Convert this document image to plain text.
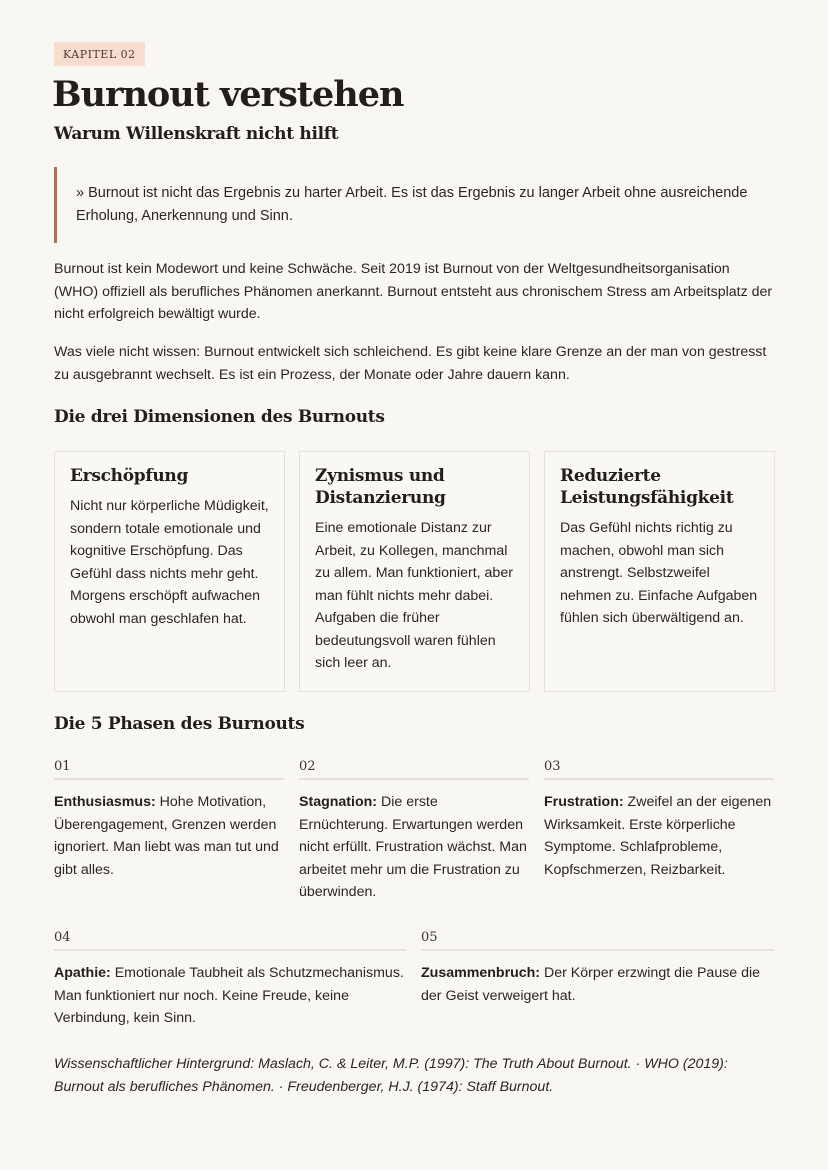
KAPITEL 02
Burnout verstehen
Warum Willenskraft nicht hilft
» Burnout ist nicht das Ergebnis zu harter Arbeit. Es ist das Ergebnis zu langer Arbeit ohne ausreichende Erholung, Anerkennung und Sinn.

Burnout ist kein Modewort und keine Schwäche. Seit 2019 ist Burnout von der Weltgesundheitsorganisation (WHO) offiziell als berufliches Phänomen anerkannt. Burnout entsteht aus chronischem Stress am Arbeitsplatz der nicht erfolgreich bewältigt wurde.

Was viele nicht wissen: Burnout entwickelt sich schleichend. Es gibt keine klare Grenze an der man von gestresst zu ausgebrannt wechselt. Es ist ein Prozess, der Monate oder Jahre dauern kann.

Die drei Dimensionen des Burnouts
Erschöpfung
Nicht nur körperliche Müdigkeit, sondern totale emotionale und kognitive Erschöpfung. Das Gefühl dass nichts mehr geht. Morgens erschöpft aufwachen obwohl man geschlafen hat.
Zynismus und Distanzierung
Eine emotionale Distanz zur Arbeit, zu Kollegen, manchmal zu allem. Man funktioniert, aber man fühlt nichts mehr dabei. Aufgaben die früher bedeutungsvoll waren fühlen sich leer an.
Reduzierte Leistungsfähigkeit
Das Gefühl nichts richtig zu machen, obwohl man sich anstrengt. Selbstzweifel nehmen zu. Einfache Aufgaben fühlen sich überwältigend an.
Die 5 Phasen des Burnouts
01
Enthusiasmus: Hohe Motivation, Überengagement, Grenzen werden ignoriert. Man liebt was man tut und gibt alles.
02
Stagnation: Die erste Ernüchterung. Erwartungen werden nicht erfüllt. Frustration wächst. Man arbeitet mehr um die Frustration zu überwinden.
03
Frustration: Zweifel an der eigenen Wirksamkeit. Erste körperliche Symptome. Schlafprobleme, Kopfschmerzen, Reizbarkeit.
04
Apathie: Emotionale Taubheit als Schutzmechanismus. Man funktioniert nur noch. Keine Freude, keine Verbindung, kein Sinn.
05
Zusammenbruch: Der Körper erzwingt die Pause die der Geist verweigert hat.

Wissenschaftlicher Hintergrund: Maslach, C. & Leiter, M.P. (1997): The Truth About Burnout. · WHO (2019): Burnout als berufliches Phänomen. · Freudenberger, H.J. (1974): Staff Burnout.
